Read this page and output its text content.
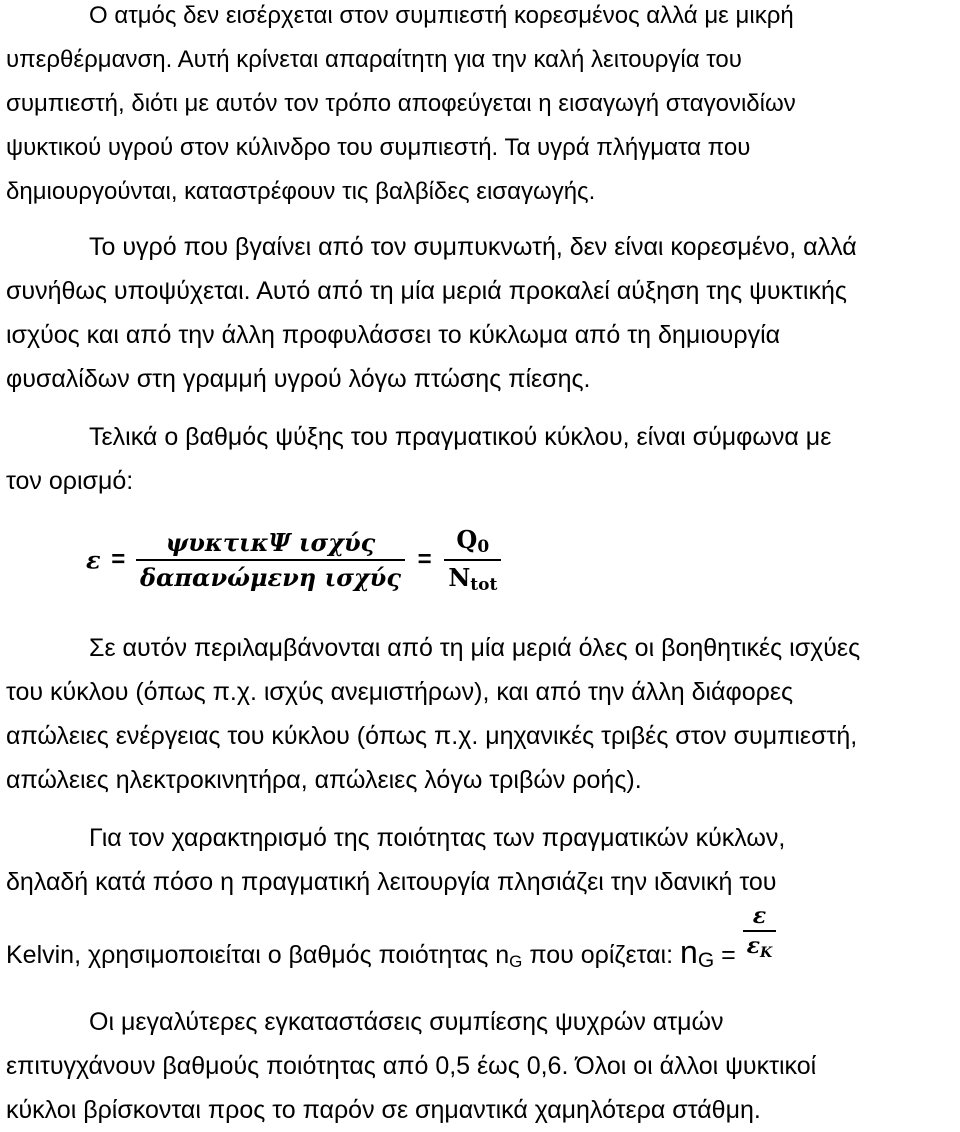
Ο ατμός δεν εισέρχεται στον συμπιεστή κορεσμένος αλλά με μικρή
υπερθέρμανση. Αυτή κρίνεται απαραίτητη για την καλή λειτουργία του
συμπιεστή, διότι με αυτόν τον τρόπο αποφεύγεται η εισαγωγή σταγονιδίων
ψυκτικού υγρού στον κύλινδρο του συμπιεστή. Τα υγρά πλήγματα που
δημιουργούνται, καταστρέφουν τις βαλβίδες εισαγωγής.
Το υγρό που βγαίνει από τον συμπυκνωτή, δεν είναι κορεσμένο, αλλά
συνήθως υποψύχεται. Αυτό από τη μία μεριά προκαλεί αύξηση της ψυκτικής
ισχύος και από την άλλη προφυλάσσει το κύκλωμα από τη δημιουργία
φυσαλίδων στη γραμμή υγρού λόγω πτώσης πίεσης.
Τελικά ο βαθμός ψύξης του πραγματικού κύκλου, είναι σύμφωνα με
τον ορισμό:
$\varepsilon = \frac{\text{ψυκτικΨ ισχύς}}{\text{δαπανώμενη ισχύς}} = \frac{Q_0}{N_{tot}}$
Σε αυτόν περιλαμβάνονται από τη μία μεριά όλες οι βοηθητικές ισχύες
του κύκλου (όπως π.χ. ισχύς ανεμιστήρων), και από την άλλη διάφορες
απώλειες ενέργειας του κύκλου (όπως π.χ. μηχανικές τριβές στον συμπιεστή,
απώλειες ηλεκτροκινητήρα, απώλειες λόγω τριβών ροής).
Για τον χαρακτηρισμό της ποιότητας των πραγματικών κύκλων,
δηλαδή κατά πόσο η πραγματική λειτουργία πλησιάζει την ιδανική του
Kelvin, χρησιμοποιείται ο βαθμός ποιότητας $n_G$ που ορίζεται: $n_G = \frac{\varepsilon}{\varepsilon_K}$
Οι μεγαλύτερες εγκαταστάσεις συμπίεσης ψυχρών ατμών
επιτυγχάνουν βαθμούς ποιότητας από 0,5 έως 0,6. Όλοι οι άλλοι ψυκτικοί
κύκλοι βρίσκονται προς το παρόν σε σημαντικά χαμηλότερα στάθμη.
